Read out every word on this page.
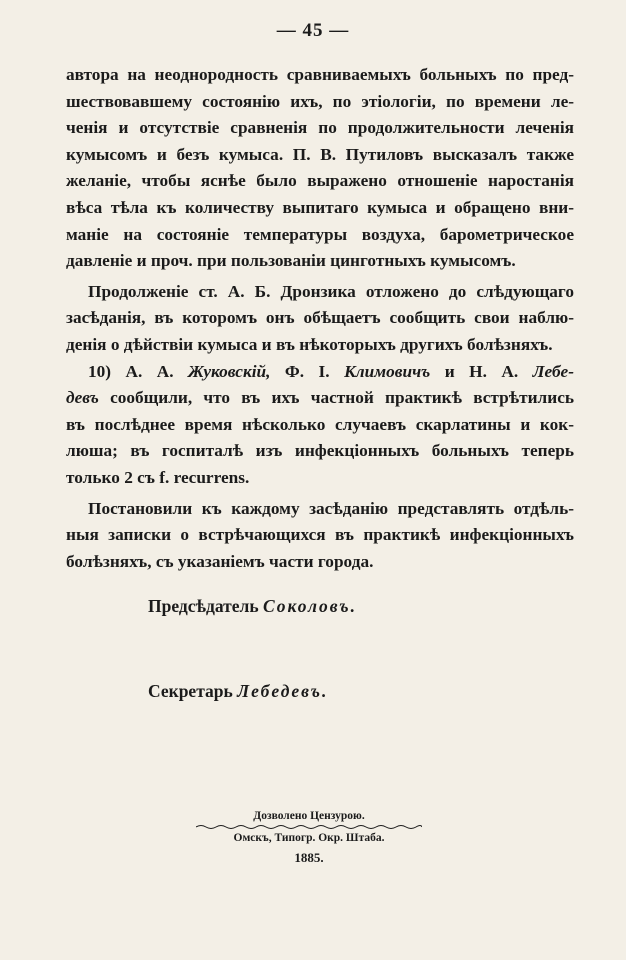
— 45 —

автора на неоднородность сравниваемыхъ больныхъ по пред-

шествовавшему состоянію ихъ, по этіологіи, по времени ле-

ченія и отсутствіе сравненія по продолжительности леченія

кумысомъ и безъ кумыса. П. В. Путиловъ высказалъ также

желаніе, чтобы яснѣе было выражено отношеніе наростанія

вѣса тѣла къ количеству выпитаго кумыса и обращено вни-

маніе на состояніе температуры воздуха, барометрическое

давленіе и проч. при пользованіи цинготныхъ кумысомъ.

Продолженіе ст. А. Б. Дронзика отложено до слѣдующаго

засѣданія, въ которомъ онъ обѣщаетъ сообщить свои наблю-

денія о дѣйствіи кумыса и въ нѣкоторыхъ другихъ болѣзняхъ.

10) А. А. Жуковскій, Ф. І. Климовичъ и Н. А. Лебе-

девъ сообщили, что въ ихъ частной практикѣ встрѣтились

въ послѣднее время нѣсколько случаевъ скарлатины и кок-

люша; въ госпиталѣ изъ инфекціонныхъ больныхъ теперь

только 2 съ f. recurrens.

Постановили къ каждому засѣданію представлять отдѣль-

ныя записки о встрѣчающихся въ практикѣ инфекціонныхъ

болѣзняхъ, съ указаніемъ части города.

Предсѣдатель Соколовъ.
Секретарь Лебедевъ.
Дозволено Цензурою.
Омскъ, Типогр. Окр. Штаба.
1885.
